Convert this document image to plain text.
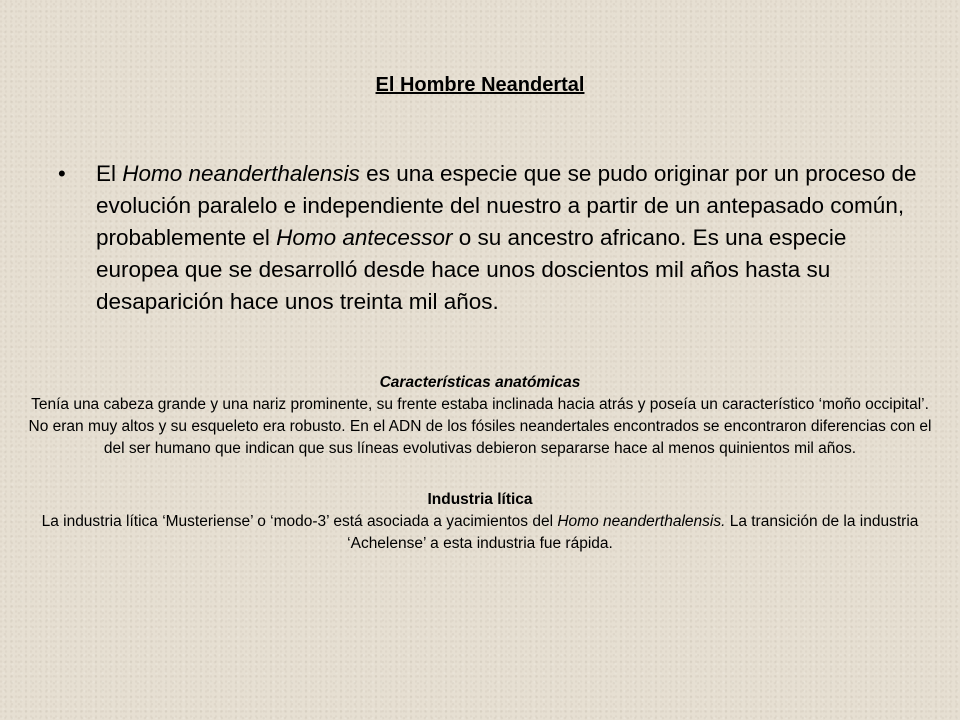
El Hombre Neandertal
•	El Homo neanderthalensis es una especie que se pudo originar por un proceso de evolución paralelo e independiente del nuestro a partir de un antepasado común, probablemente el Homo antecessor o su ancestro africano. Es una especie europea que se desarrolló desde hace unos doscientos mil años hasta su desaparición hace unos treinta mil años.
Características anatómicas
Tenía una cabeza grande y una nariz prominente, su frente estaba inclinada hacia atrás y poseía un característico ‘moño occipital’. No eran muy altos y su esqueleto era robusto. En el ADN de los fósiles neandertales encontrados se encontraron diferencias con el del ser humano que indican que sus líneas evolutivas debieron separarse hace al menos quinientos mil años.
Industria lítica
La industria lítica ‘Musteriense’ o ‘modo-3’ está asociada a yacimientos del Homo neanderthalensis. La transición de la industria ‘Achelense’ a esta industria fue rápida.
